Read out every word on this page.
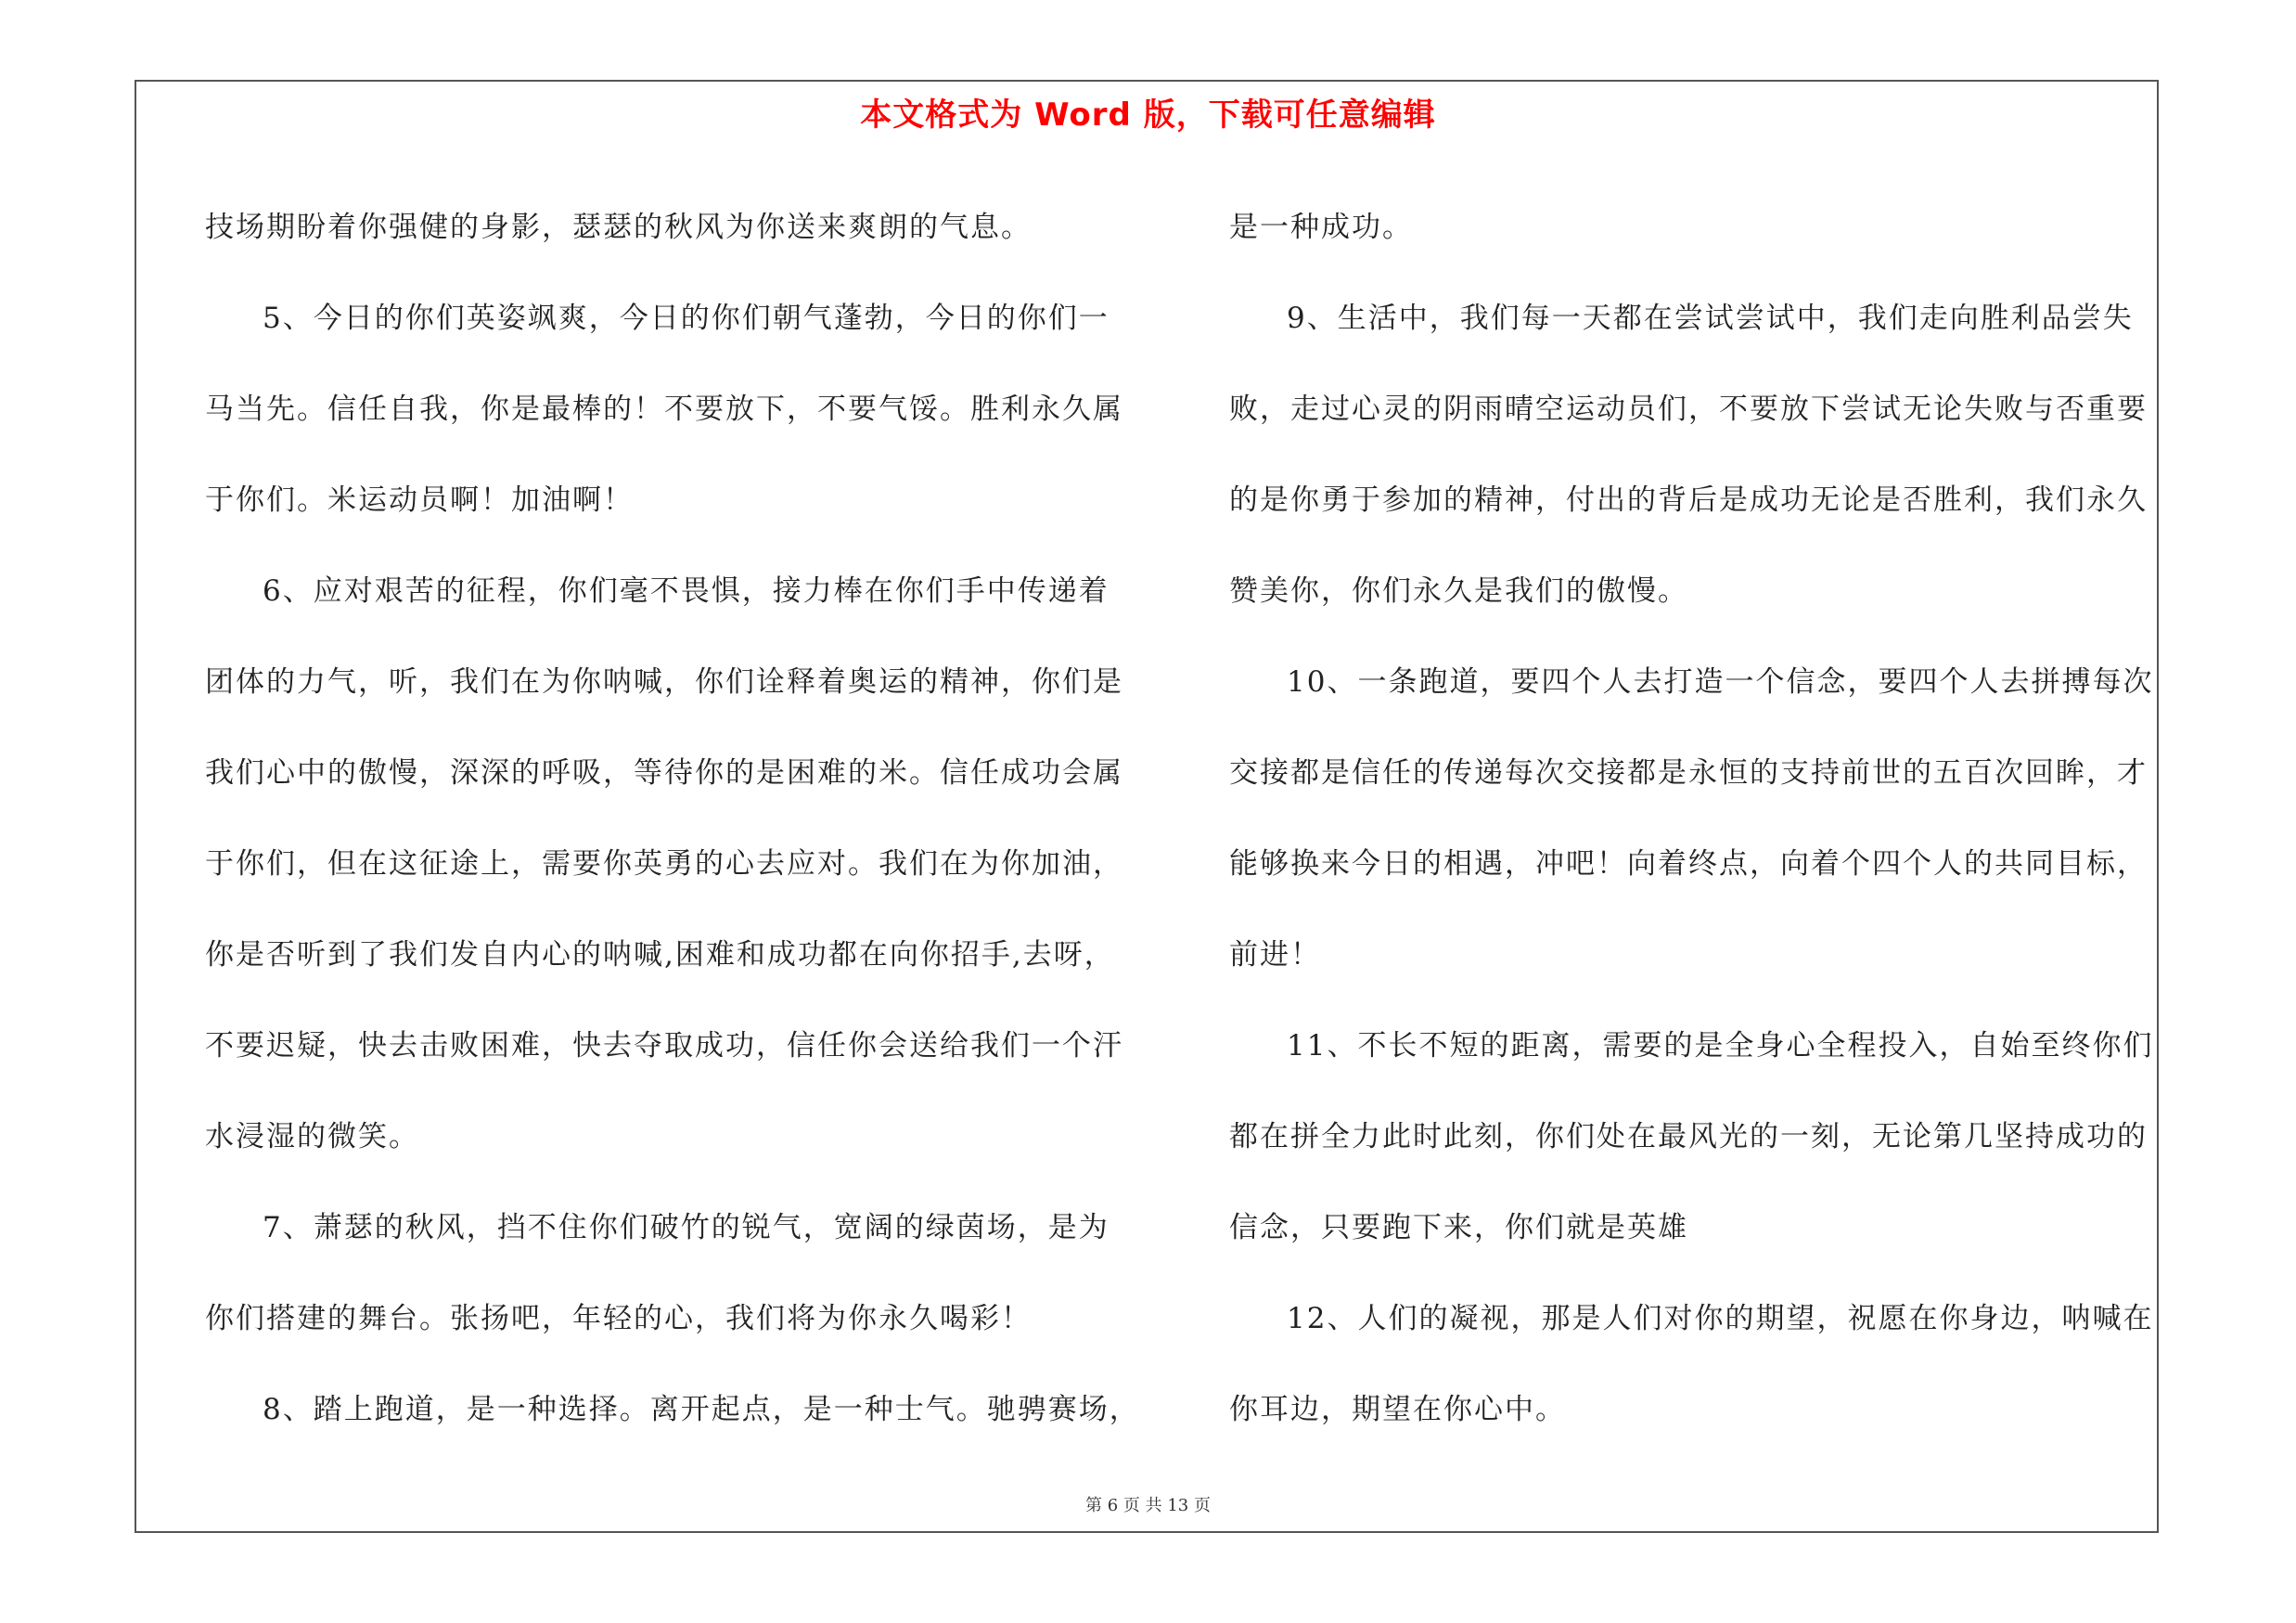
本文格式为 Word 版，下载可任意编辑
技场期盼着你强健的身影，瑟瑟的秋风为你送来爽朗的气息。
5、今日的你们英姿飒爽，今日的你们朝气蓬勃，今日的你们一
马当先。信任自我，你是最棒的！不要放下，不要气馁。胜利永久属
于你们。米运动员啊！加油啊！
6、应对艰苦的征程，你们毫不畏惧，接力棒在你们手中传递着
团体的力气，听，我们在为你呐喊，你们诠释着奥运的精神，你们是
我们心中的傲慢，深深的呼吸，等待你的是困难的米。信任成功会属
于你们，但在这征途上，需要你英勇的心去应对。我们在为你加油，
你是否听到了我们发自内心的呐喊,困难和成功都在向你招手,去呀，
不要迟疑，快去击败困难，快去夺取成功，信任你会送给我们一个汗
水浸湿的微笑。
7、萧瑟的秋风，挡不住你们破竹的锐气，宽阔的绿茵场，是为
你们搭建的舞台。张扬吧，年轻的心，我们将为你永久喝彩！
8、踏上跑道，是一种选择。离开起点，是一种士气。驰骋赛场，
是一种成功。
9、生活中，我们每一天都在尝试尝试中，我们走向胜利品尝失
败，走过心灵的阴雨晴空运动员们，不要放下尝试无论失败与否重要
的是你勇于参加的精神，付出的背后是成功无论是否胜利，我们永久
赞美你，你们永久是我们的傲慢。
10、一条跑道，要四个人去打造一个信念，要四个人去拼搏每次
交接都是信任的传递每次交接都是永恒的支持前世的五百次回眸，才
能够换来今日的相遇，冲吧！向着终点，向着个四个人的共同目标，
前进！
11、不长不短的距离，需要的是全身心全程投入，自始至终你们
都在拼全力此时此刻，你们处在最风光的一刻，无论第几坚持成功的
信念，只要跑下来，你们就是英雄
12、人们的凝视，那是人们对你的期望，祝愿在你身边，呐喊在
你耳边，期望在你心中。
第 6 页 共 13 页
